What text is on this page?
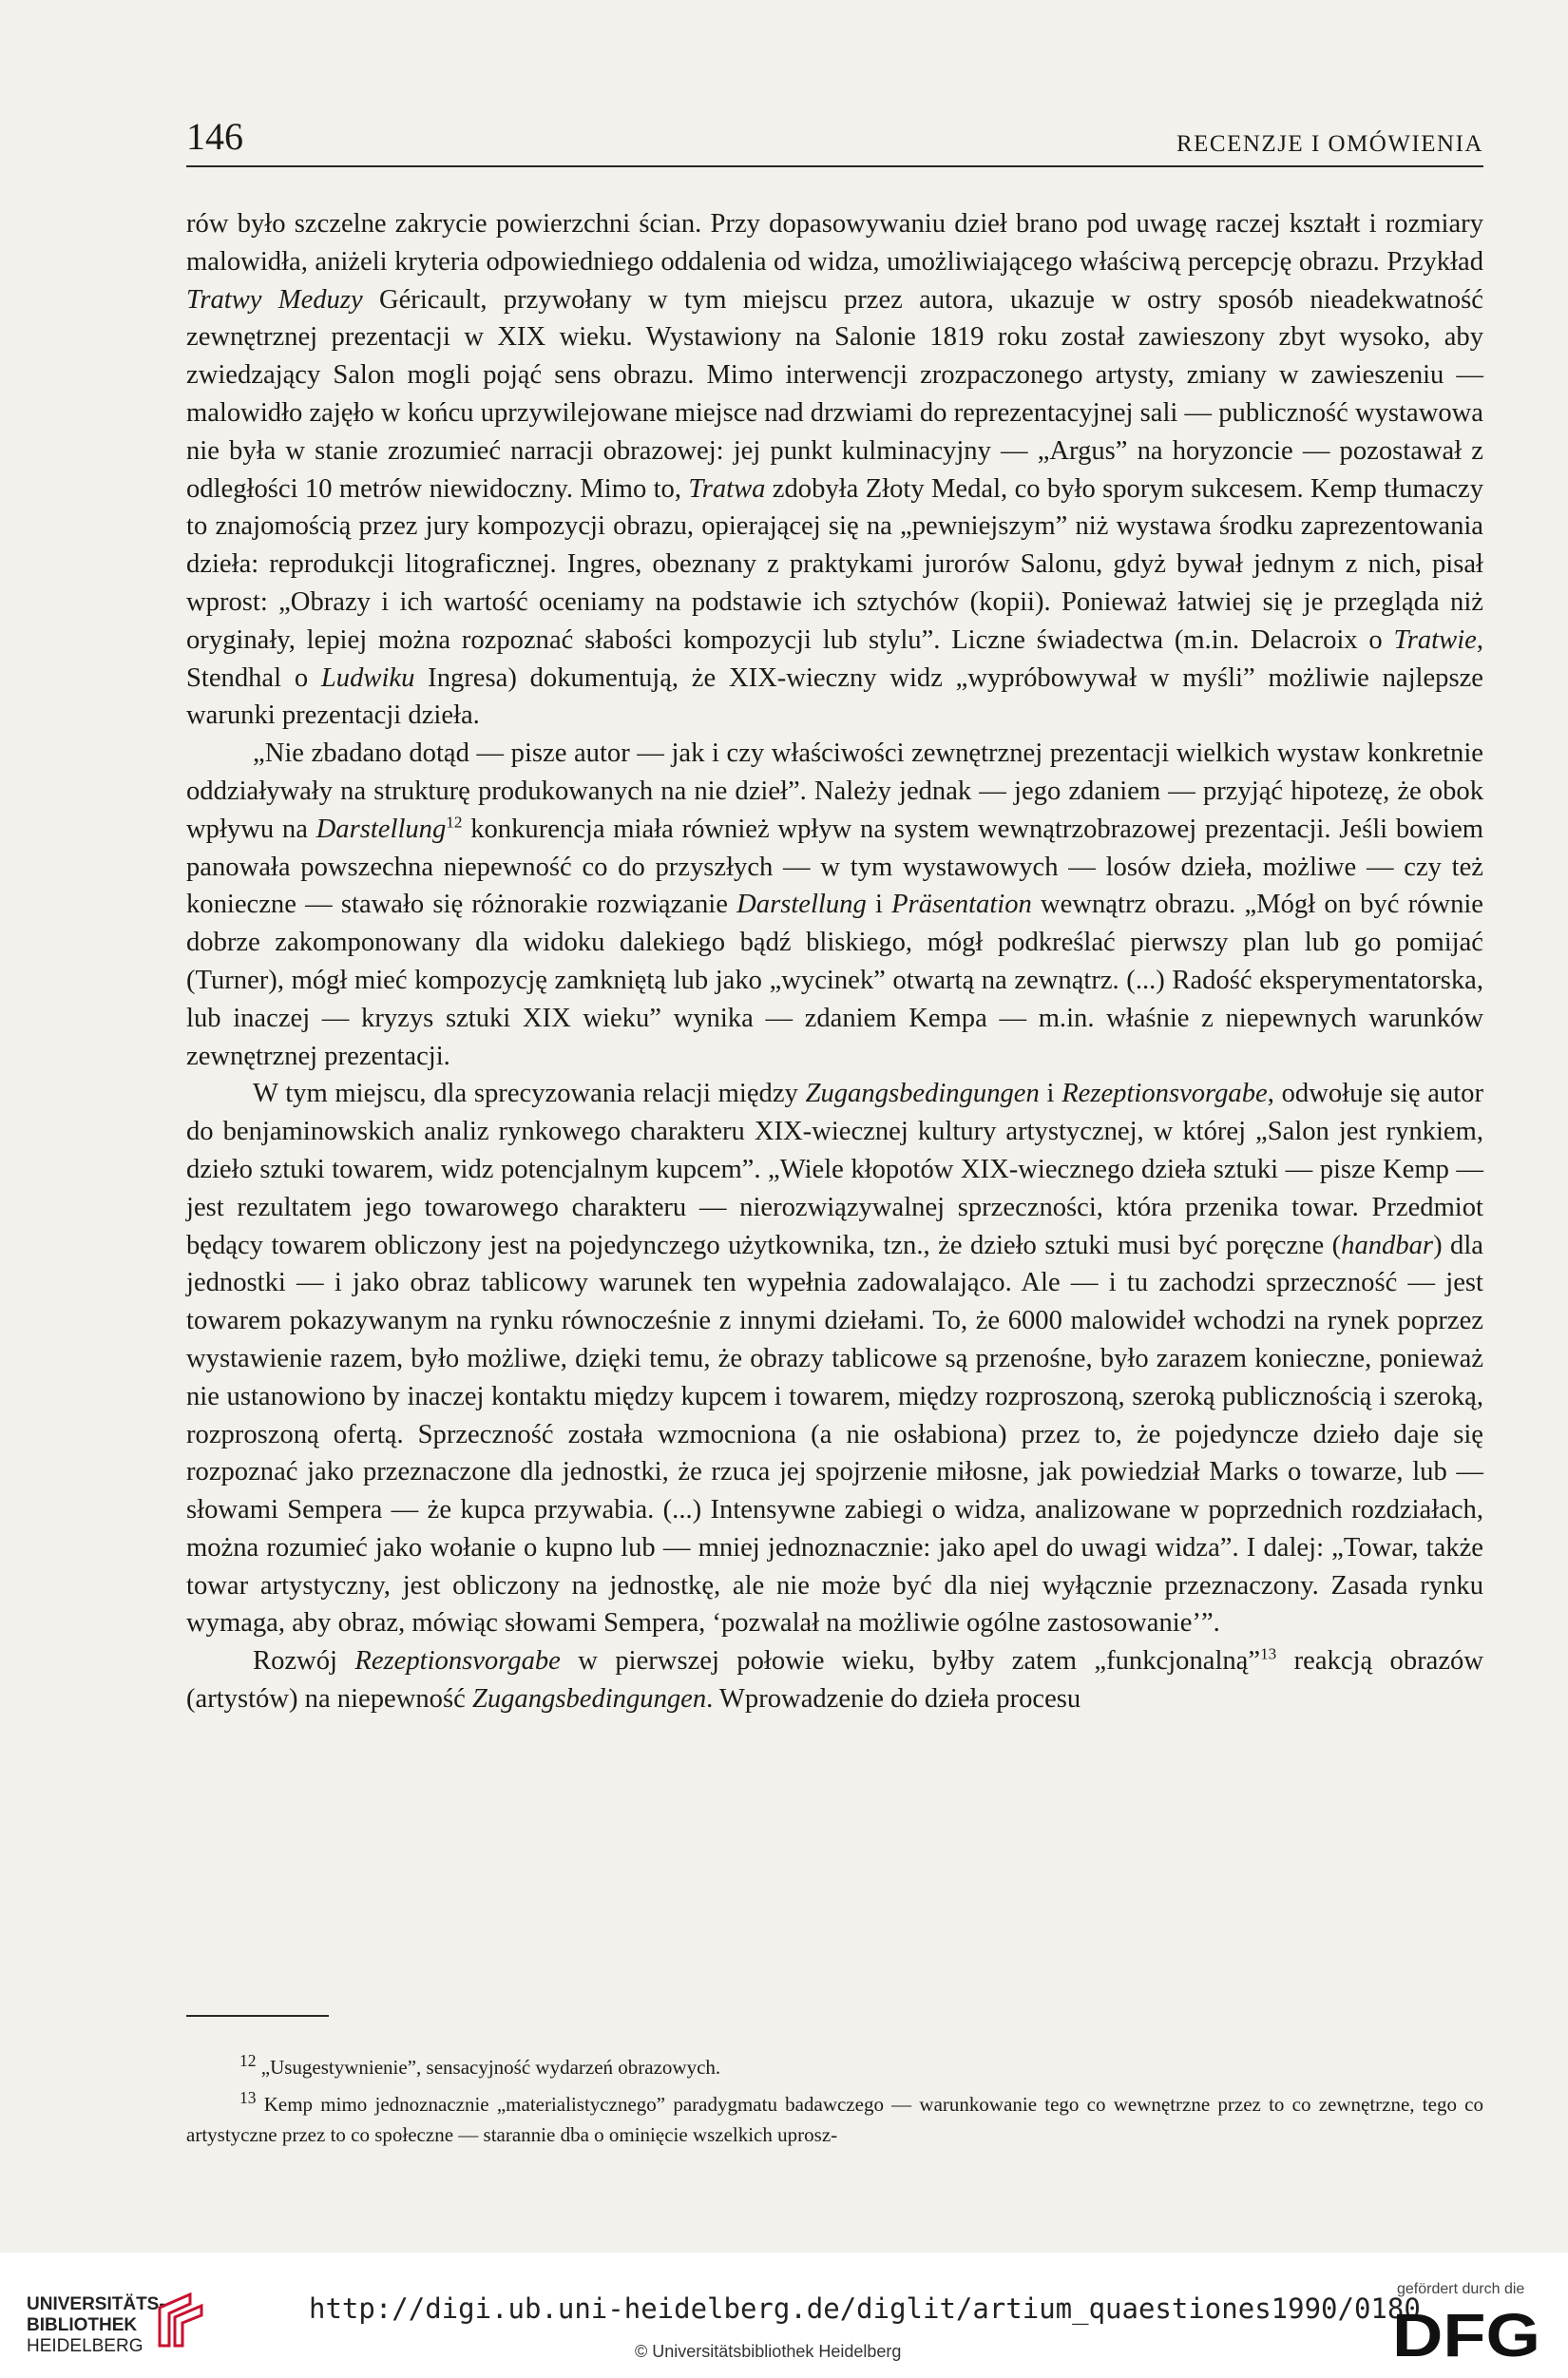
146	RECENZJE I OMÓWIENIA

rów było szczelne zakrycie powierzchni ścian. Przy dopasowywaniu dzieł brano pod uwagę raczej kształt i rozmiary malowidła, aniżeli kryteria odpowiedniego oddalenia od widza, umożliwiającego właściwą percepcję obrazu. Przykład Tratwy Meduzy Géricault, przywołany w tym miejscu przez autora, ukazuje w ostry sposób nieadekwatność zewnętrznej prezentacji w XIX wieku. Wystawiony na Salonie 1819 roku został zawieszony zbyt wysoko, aby zwiedzający Salon mogli pojąć sens obrazu. Mimo interwencji zrozpaczonego artysty, zmiany w zawieszeniu — malowidło zajęło w końcu uprzywilejowane miejsce nad drzwiami do reprezentacyjnej sali — publiczność wystawowa nie była w stanie zrozumieć narracji obrazowej: jej punkt kulminacyjny — „Argus” na horyzoncie — pozostawał z odległości 10 metrów niewidoczny. Mimo to, Tratwa zdobyła Złoty Medal, co było sporym sukcesem. Kemp tłumaczy to znajomością przez jury kompozycji obrazu, opierającej się na „pewniejszym” niż wystawa środku zaprezentowania dzieła: reprodukcji litograficznej. Ingres, obeznany z praktykami jurorów Salonu, gdyż bywał jednym z nich, pisał wprost: „Obrazy i ich wartość oceniamy na podstawie ich sztychów (kopii). Ponieważ łatwiej się je przegląda niż oryginały, lepiej można rozpoznać słabości kompozycji lub stylu”. Liczne świadectwa (m.in. Delacroix o Tratwie, Stendhal o Ludwiku Ingresa) dokumentują, że XIX-wieczny widz „wypróbowywał w myśli” możliwie najlepsze warunki prezentacji dzieła.

„Nie zbadano dotąd — pisze autor — jak i czy właściwości zewnętrznej prezentacji wielkich wystaw konkretnie oddziaływały na strukturę produkowanych na nie dzieł”. Należy jednak — jego zdaniem — przyjąć hipotezę, że obok wpływu na Darstellung$^{12}$ konkurencja miała również wpływ na system wewnątrzobrazowej prezentacji. Jeśli bowiem panowała powszechna niepewność co do przyszłych — w tym wystawowych — losów dzieła, możliwe — czy też konieczne — stawało się różnorakie rozwiązanie Darstellung i Präsentation wewnątrz obrazu. „Mógł on być równie dobrze zakomponowany dla widoku dalekiego bądź bliskiego, mógł podkreślać pierwszy plan lub go pomijać (Turner), mógł mieć kompozycję zamkniętą lub jako „wycinek” otwartą na zewnątrz. (...) Radość eksperymentatorska, lub inaczej — kryzys sztuki XIX wieku” wynika — zdaniem Kempa — m.in. właśnie z niepewnych warunków zewnętrznej prezentacji.

W tym miejscu, dla sprecyzowania relacji między Zugangsbedingungen i Rezeptionsvorgabe, odwołuje się autor do benjaminowskich analiz rynkowego charakteru XIX-wiecznej kultury artystycznej, w której „Salon jest rynkiem, dzieło sztuki towarem, widz potencjalnym kupcem”. „Wiele kłopotów XIX-wiecznego dzieła sztuki — pisze Kemp — jest rezultatem jego towarowego charakteru — nierozwiązywalnej sprzeczności, która przenika towar. Przedmiot będący towarem obliczony jest na pojedynczego użytkownika, tzn., że dzieło sztuki musi być poręczne (handbar) dla jednostki — i jako obraz tablicowy warunek ten wypełnia zadowalająco. Ale — i tu zachodzi sprzeczność — jest towarem pokazywanym na rynku równocześnie z innymi dziełami. To, że 6000 malowideł wchodzi na rynek poprzez wystawienie razem, było możliwe, dzięki temu, że obrazy tablicowe są przenośne, było zarazem konieczne, ponieważ nie ustanowiono by inaczej kontaktu między kupcem i towarem, między rozproszoną, szeroką publicznością i szeroką, rozproszoną ofertą. Sprzeczność została wzmocniona (a nie osłabiona) przez to, że pojedyncze dzieło daje się rozpoznać jako przeznaczone dla jednostki, że rzuca jej spojrzenie miłosne, jak powiedział Marks o towarze, lub — słowami Sempera — że kupca przywabia. (...) Intensywne zabiegi o widza, analizowane w poprzednich rozdziałach, można rozumieć jako wołanie o kupno lub — mniej jednoznacznie: jako apel do uwagi widza”. I dalej: „Towar, także towar artystyczny, jest obliczony na jednostkę, ale nie może być dla niej wyłącznie przeznaczony. Zasada rynku wymaga, aby obraz, mówiąc słowami Sempera, ‘pozwalał na możliwie ogólne zastosowanie’”.

Rozwój Rezeptionsvorgabe w pierwszej połowie wieku, byłby zatem „funkcjonalną”$^{13}$ reakcją obrazów (artystów) na niepewność Zugangsbedingungen. Wprowadzenie do dzieła procesu

$^{12}$ „Usugestywnienie”, sensacyjność wydarzeń obrazowych.

$^{13}$ Kemp mimo jednoznacznie „materialistycznego” paradygmatu badawczego — warunkowanie tego co wewnętrzne przez to co zewnętrzne, tego co artystyczne przez to co społeczne — starannie dba o ominięcie wszelkich uprosz-

UNIVERSITÄTS-
BIBLIOTHEK
HEIDELBERG
http://digi.ub.uni-heidelberg.de/diglit/artium_quaestiones1990/0180
© Universitätsbibliothek Heidelberg
gefördert durch die
DFG
